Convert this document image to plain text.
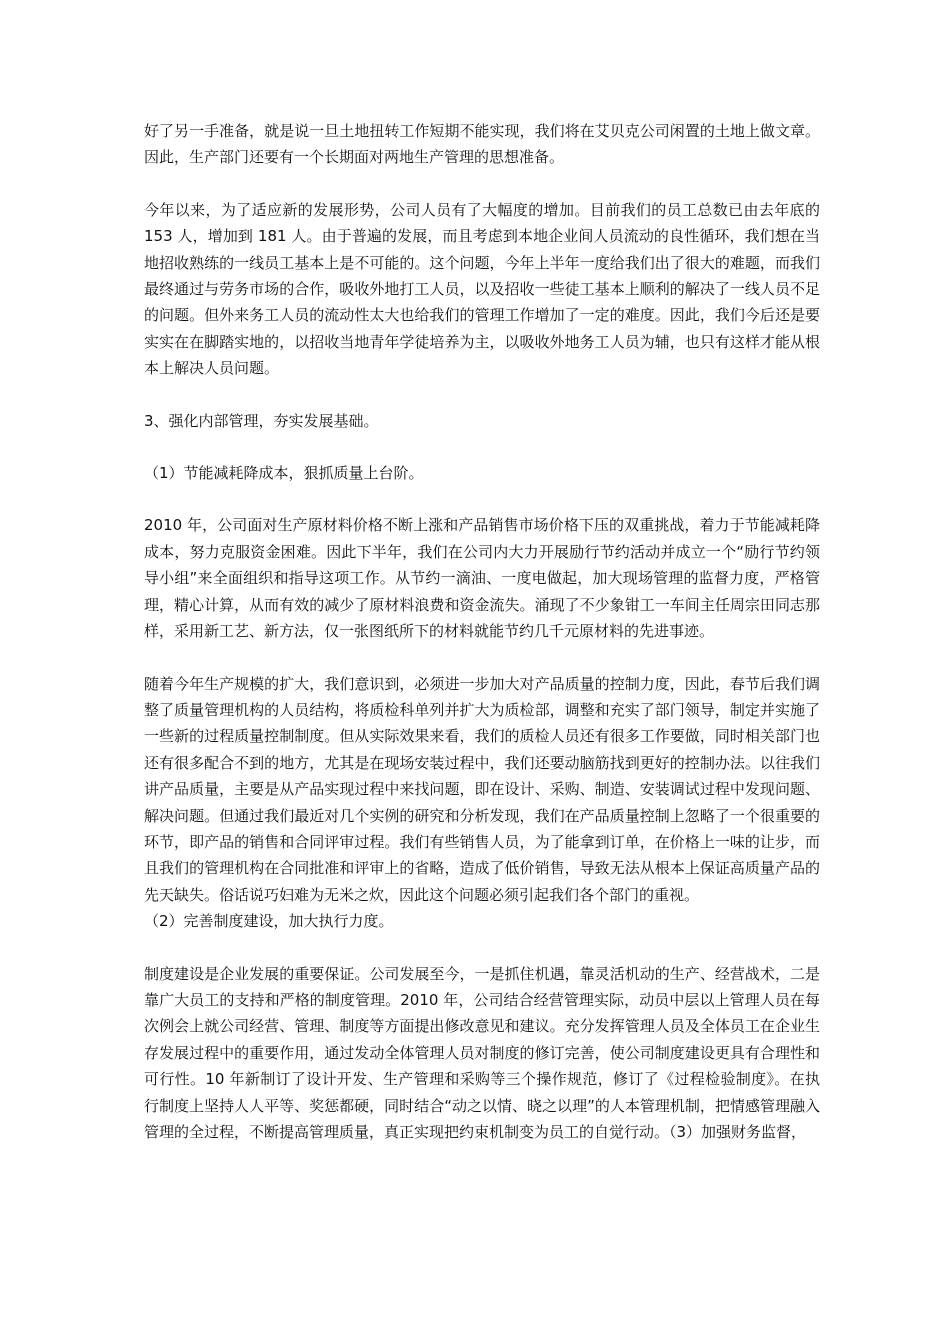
好了另一手准备，就是说一旦土地扭转工作短期不能实现，我们将在艾贝克公司闲置的土地上做文章。因此，生产部门还要有一个长期面对两地生产管理的思想准备。

今年以来，为了适应新的发展形势，公司人员有了大幅度的增加。目前我们的员工总数已由去年底的 153 人，增加到 181 人。由于普遍的发展，而且考虑到本地企业间人员流动的良性循环，我们想在当地招收熟练的一线员工基本上是不可能的。这个问题，今年上半年一度给我们出了很大的难题，而我们最终通过与劳务市场的合作，吸收外地打工人员，以及招收一些徒工基本上顺利的解决了一线人员不足的问题。但外来务工人员的流动性太大也给我们的管理工作增加了一定的难度。因此，我们今后还是要实实在在脚踏实地的，以招收当地青年学徒培养为主，以吸收外地务工人员为辅，也只有这样才能从根本上解决人员问题。

3、强化内部管理，夯实发展基础。

（1）节能减耗降成本，狠抓质量上台阶。

2010 年，公司面对生产原材料价格不断上涨和产品销售市场价格下压的双重挑战，着力于节能减耗降成本，努力克服资金困难。因此下半年，我们在公司内大力开展励行节约活动并成立一个“励行节约领导小组”来全面组织和指导这项工作。从节约一滴油、一度电做起，加大现场管理的监督力度，严格管理，精心计算，从而有效的减少了原材料浪费和资金流失。涌现了不少象钳工一车间主任周宗田同志那样，采用新工艺、新方法，仅一张图纸所下的材料就能节约几千元原材料的先进事迹。

随着今年生产规模的扩大，我们意识到，必须进一步加大对产品质量的控制力度，因此，春节后我们调整了质量管理机构的人员结构，将质检科单列并扩大为质检部，调整和充实了部门领导，制定并实施了一些新的过程质量控制制度。但从实际效果来看，我们的质检人员还有很多工作要做，同时相关部门也还有很多配合不到的地方，尤其是在现场安装过程中，我们还要动脑筋找到更好的控制办法。以往我们讲产品质量，主要是从产品实现过程中来找问题，即在设计、采购、制造、安装调试过程中发现问题、解决问题。但通过我们最近对几个实例的研究和分析发现，我们在产品质量控制上忽略了一个很重要的环节，即产品的销售和合同评审过程。我们有些销售人员，为了能拿到订单，在价格上一味的让步，而且我们的管理机构在合同批准和评审上的省略，造成了低价销售，导致无法从根本上保证高质量产品的先天缺失。俗话说巧妇难为无米之炊，因此这个问题必须引起我们各个部门的重视。

（2）完善制度建设，加大执行力度。

制度建设是企业发展的重要保证。公司发展至今，一是抓住机遇，靠灵活机动的生产、经营战术，二是靠广大员工的支持和严格的制度管理。2010 年，公司结合经营管理实际，动员中层以上管理人员在每次例会上就公司经营、管理、制度等方面提出修改意见和建议。充分发挥管理人员及全体员工在企业生存发展过程中的重要作用，通过发动全体管理人员对制度的修订完善，使公司制度建设更具有合理性和可行性。10 年新制订了设计开发、生产管理和采购等三个操作规范，修订了《过程检验制度》。在执行制度上坚持人人平等、奖惩都硬，同时结合“动之以情、晓之以理”的人本管理机制，把情感管理融入管理的全过程，不断提高管理质量，真正实现把约束机制变为员工的自觉行动。（3）加强财务监督，
